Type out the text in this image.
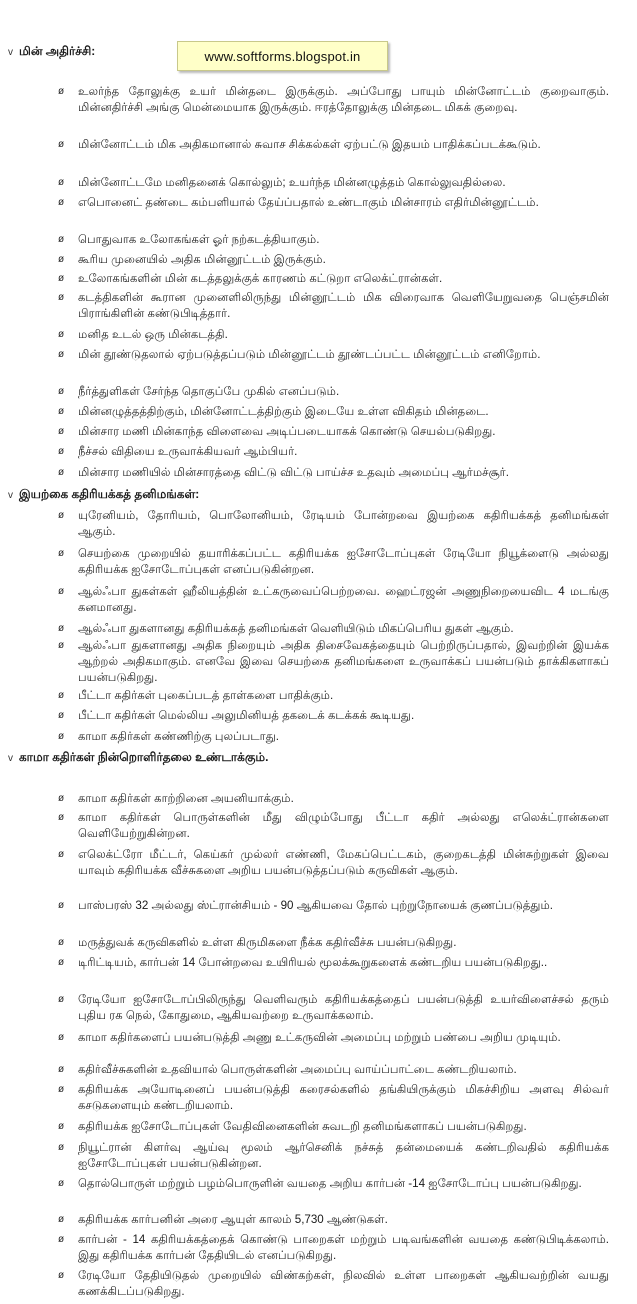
www.softforms.blogspot.in
v மின் அதிர்ச்சி:
ø	உலர்ந்த தோலுக்கு உயர் மின்தடை இருக்கும். அப்போது பாயும் மின்னோட்டம் குறைவாகும். மின்னதிர்ச்சி அங்கு மென்மையாக இருக்கும். ஈரத்தோலுக்கு மின்தடை மிகக் குறைவு.
ø	மின்னோட்டம் மிக அதிகமானால் சுவாச சிக்கல்கள் ஏற்பட்டு இதயம் பாதிக்கப்படக்கூடும்.
ø	மின்னோட்டமே மனிதனைக் கொல்லும்; உயர்ந்த மின்னழுத்தம் கொல்லுவதில்லை.
ø	எபொனைட் தண்டை கம்பளியால் தேய்ப்பதால் உண்டாகும் மின்சாரம் எதிர்மின்னூட்டம்.
ø	பொதுவாக உலோகங்கள் ஓர் நற்கடத்தியாகும்.
ø	கூரிய முனையில் அதிக மின்னூட்டம் இருக்கும்.
ø	உலோகங்களின் மின் கடத்தலுக்குக் காரணம் கட்டுறா எலெக்ட்ரான்கள்.
ø	கடத்திகளின் கூரான முனைளிலிருந்து மின்னூட்டம் மிக விரைவாக வெளியேறுவதை பெஞ்சமின் பிராங்கிளின் கண்டுபிடித்தார்.
ø	மனித உடல் ஒரு மின்கடத்தி.
ø	மின் தூண்டுதலால் ஏற்படுத்தப்படும் மின்னூட்டம் தூண்டப்பட்ட மின்னூட்டம் எனிறோம்.
ø	நீர்த்துளிகள் சேர்ந்த தொகுப்பே முகில் எனப்படும்.
ø	மின்னழுத்தத்திற்கும், மின்னோட்டத்திற்கும் இடையே உள்ள விகிதம் மின்தடை.
ø	மின்சார மணி மின்காந்த விளைவை அடிப்படையாகக் கொண்டு செயல்படுகிறது.
ø	நீச்சல் விதியை உருவாக்கியவர் ஆம்பியர்.
ø	மின்சார மணியில் மின்சாரத்தை விட்டு விட்டு பாய்ச்ச உதவும் அமைப்பு ஆர்மச்சூர்.
v இயற்கை கதிரியக்கத் தனிமங்கள்:
ø	யுரேனியம், தோரியம், பொலோனியம், ரேடியம் போன்றவை இயற்கை கதிரியக்கத் தனிமங்கள் ஆகும்.
ø	செயற்கை முறையில் தயாரிக்கப்பட்ட கதிரியக்க ஐசோடோப்புகள் ரேடியோ நியூக்ளைடு அல்லது கதிரியக்க ஐசோடோப்புகள் எனப்படுகின்றன.
ø	ஆல்ஃபா துகள்கள் ஹீலியத்தின் உட்கருவைப்பெற்றவை. ஹைட்ரஜன் அணுநிறையைவிட 4 மடங்கு கனமானது.
ø	ஆல்ஃபா துகளானது கதிரியக்கத் தனிமங்கள் வெளியிடும் மிகப்பெரிய துகள் ஆகும்.
ø	ஆல்ஃபா துகளானது அதிக நிறையும் அதிக திசைவேகத்தையும் பெற்றிருப்பதால், இவற்றின் இயக்க ஆற்றல் அதிகமாகும். எனவே இவை செயற்கை தனிமங்களை உருவாக்கப் பயன்படும் தாக்கிகளாகப் பயன்படுகிறது.
ø	பீட்டா கதிர்கள் புகைப்படத் தாள்களை பாதிக்கும்.
ø	பீட்டா கதிர்கள் மெல்லிய அலுமினியத் தகடைக் கடக்கக் கூடியது.
ø	காமா கதிர்கள் கண்ணிற்கு புலப்படாது.
v காமா கதிர்கள் நின்றொளிர்தலை உண்டாக்கும்.
ø	காமா கதிர்கள் காற்றினை அயனியாக்கும்.
ø	காமா கதிர்கள் பொருள்களின் மீது விழும்போது பீட்டா கதிர் அல்லது எலெக்ட்ரான்களை வெளியேற்றுகின்றன.
ø	எலெக்ட்ரோ மீட்டர், கெய்கர் முல்லர் எண்ணி, மேகப்பெட்டகம், குறைகடத்தி மின்சுற்றுகள் இவை யாவும் கதிரியக்க வீச்சுகளை அறிய பயன்படுத்தப்படும் கருவிகள் ஆகும்.
ø	பாஸ்பரஸ் 32 அல்லது ஸ்ட்ரான்சியம் - 90 ஆகியவை தோல் புற்றுநோயைக் குணப்படுத்தும்.
ø	மருத்துவக் கருவிகளில் உள்ள கிருமிகளை நீக்க கதிர்வீச்சு பயன்படுகிறது.
ø	டிரிட்டியம், கார்பன் 14 போன்றவை உயிரியல் மூலக்கூறுகளைக் கண்டறிய பயன்படுகிறது..
ø	ரேடியோ ஐசோடோப்பிலிருந்து வெளிவரும் கதிரியக்கத்தைப் பயன்படுத்தி உயர்விளைச்சல் தரும் புதிய ரக நெல், கோதுமை, ஆகியவற்றை உருவாக்கலாம்.
ø	காமா கதிர்களைப் பயன்படுத்தி அணு உட்கருவின் அமைப்பு மற்றும் பண்பை அறிய முடியும்.
ø	கதிர்வீச்சுகளின் உதவியால் பொருள்களின் அமைப்பு வாய்ப்பாட்டை கண்டறியலாம்.
ø	கதிரியக்க அயோடினைப் பயன்படுத்தி கரைசல்களில் தங்கியிருக்கும் மிகச்சிறிய அளவு சில்வர் கசடுகளையும் கண்டறியலாம்.
ø	கதிரியக்க ஐசோடோப்புகள் வேதிவினைகளின் சுவடறி தனிமங்களாகப் பயன்படுகிறது.
ø	நியூட்ரான் கிளர்வு ஆய்வு மூலம் ஆர்செனிக் நச்சுத் தன்மையைக் கண்டறிவதில் கதிரியக்க ஐசோடோப்புகள் பயன்படுகின்றன.
ø	தொல்பொருள் மற்றும் பழம்பொருளின் வயதை அறிய கார்பன் -14 ஐசோடோப்பு பயன்படுகிறது.
ø	கதிரியக்க கார்பனின் அரை ஆயுள் காலம் 5,730 ஆண்டுகள்.
ø	கார்பன் - 14 கதிரியக்கத்தைக் கொண்டு பாறைகள் மற்றும் படிவங்களின் வயதை கண்டுபிடிக்கலாம். இது கதிரியக்க கார்பன் தேதியிடல் எனப்படுகிறது.
ø	ரேடியோ தேதியிடுதல் முறையில் விண்கற்கள், நிலவில் உள்ள பாறைகள் ஆகியவற்றின் வயது கணக்கிடப்படுகிறது.
